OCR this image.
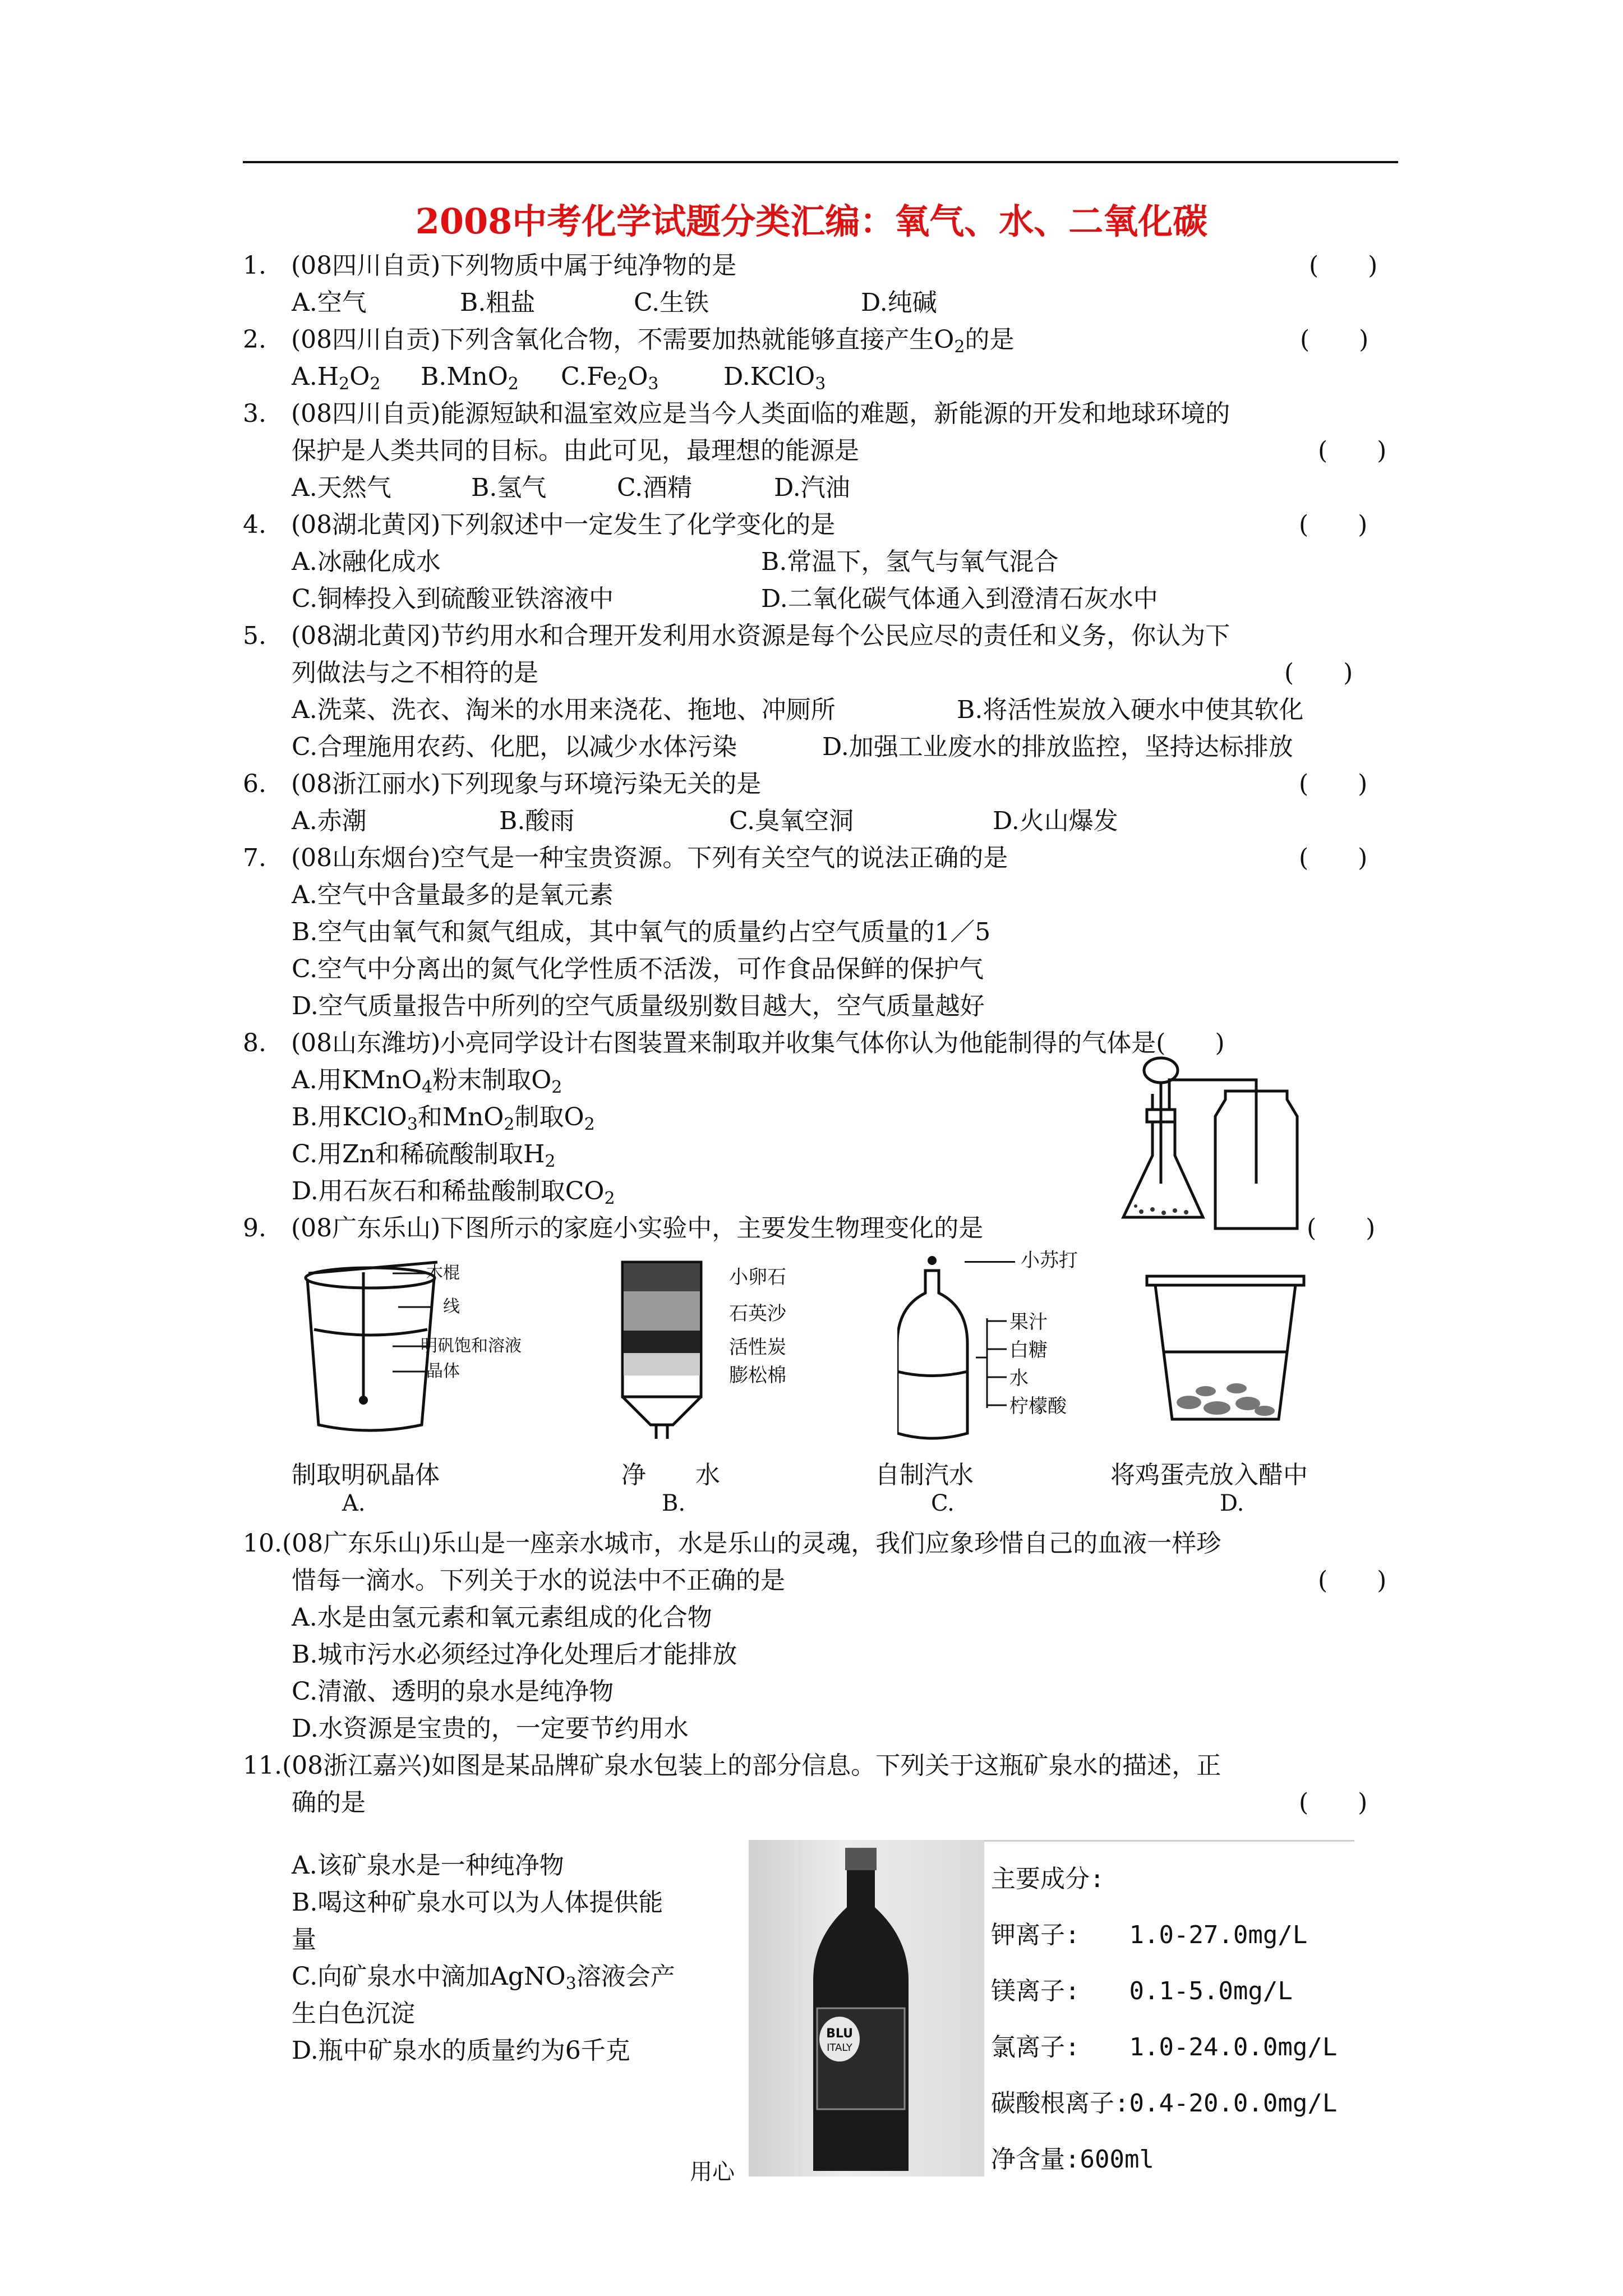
2008中考化学试题分类汇编：氧气、水、二氧化碳
1.　(08四川自贡)下列物质中属于纯净物的是	(　　)
A.空气	B.粗盐	C.生铁	D.纯碱
2.　(08四川自贡)下列含氧化合物，不需要加热就能够直接产生$O_2$的是	(　　)
$A.H_2O_2$ B.MnO$_2$ $C.Fe_2O_3$	D.KClO$_3$
3.　(08四川自贡)能源短缺和温室效应是当今人类面临的难题，新能源的开发和地球环境的
保护是人类共同的目标。由此可见，最理想的能源是	(　　)
A.天然气	B.氢气	C.酒精	D.汽油
4.　(08湖北黄冈)下列叙述中一定发生了化学变化的是	(　　)
A.冰融化成水	B.常温下，氢气与氧气混合
C.铜棒投入到硫酸亚铁溶液中	D.二氧化碳气体通入到澄清石灰水中
5.　(08湖北黄冈)节约用水和合理开发利用水资源是每个公民应尽的责任和义务，你认为下
列做法与之不相符的是	(　　)
A.洗菜、洗衣、淘米的水用来浇花、拖地、冲厕所	B.将活性炭放入硬水中使其软化
C.合理施用农药、化肥，以减少水体污染	D.加强工业废水的排放监控，坚持达标排放
6.　(08浙江丽水)下列现象与环境污染无关的是	(　　)
A.赤潮	B.酸雨	C.臭氧空洞	D.火山爆发
7.　(08山东烟台)空气是一种宝贵资源。下列有关空气的说法正确的是	(　　)
A.空气中含量最多的是氧元素
B.空气由氧气和氮气组成，其中氧气的质量约占空气质量的1／5
C.空气中分离出的氮气化学性质不活泼，可作食品保鲜的保护气
D.空气质量报告中所列的空气质量级别数目越大，空气质量越好
8.　(08山东潍坊)小亮同学设计右图装置来制取并收集气体你认为他能制得的气体是(　　)
A.用KMnO$_4$粉末制取$O_2$
B.用KClO$_3$和MnO$_2$制取$O_2$
C.用Zn和稀硫酸制取$H_2$
D.用石灰石和稀盐酸制取$CO_2$
9.　(08广东乐山)下图所示的家庭小实验中，主要发生物理变化的是	(　　)
木棍
线
明矾饱和溶液
晶体
小卵石
石英沙
活性炭
膨松棉
小苏打
果汁
白糖
水
柠檬酸
制取明矾晶体	净　　水	自制汽水	将鸡蛋壳放入醋中
A.	B.	C.	D.
10.(08广东乐山)乐山是一座亲水城市，水是乐山的灵魂，我们应象珍惜自己的血液一样珍
惜每一滴水。下列关于水的说法中不正确的是	(　　)
A.水是由氢元素和氧元素组成的化合物
B.城市污水必须经过净化处理后才能排放
C.清澈、透明的泉水是纯净物
D.水资源是宝贵的，一定要节约用水
11.(08浙江嘉兴)如图是某品牌矿泉水包装上的部分信息。下列关于这瓶矿泉水的描述，正
确的是	(　　)
A.该矿泉水是一种纯净物
B.喝这种矿泉水可以为人体提供能
量
C.向矿泉水中滴加AgNO$_3$溶液会产
生白色沉淀
D.瓶中矿泉水的质量约为6千克
BLU
ITALY
主要成分:
钾离子:　　1.0-27.0mg/L
镁离子:　　0.1-5.0mg/L
氯离子:　　1.0-24.0.0mg/L
碳酸根离子:0.4-20.0.0mg/L
净含量:600ml
用心
